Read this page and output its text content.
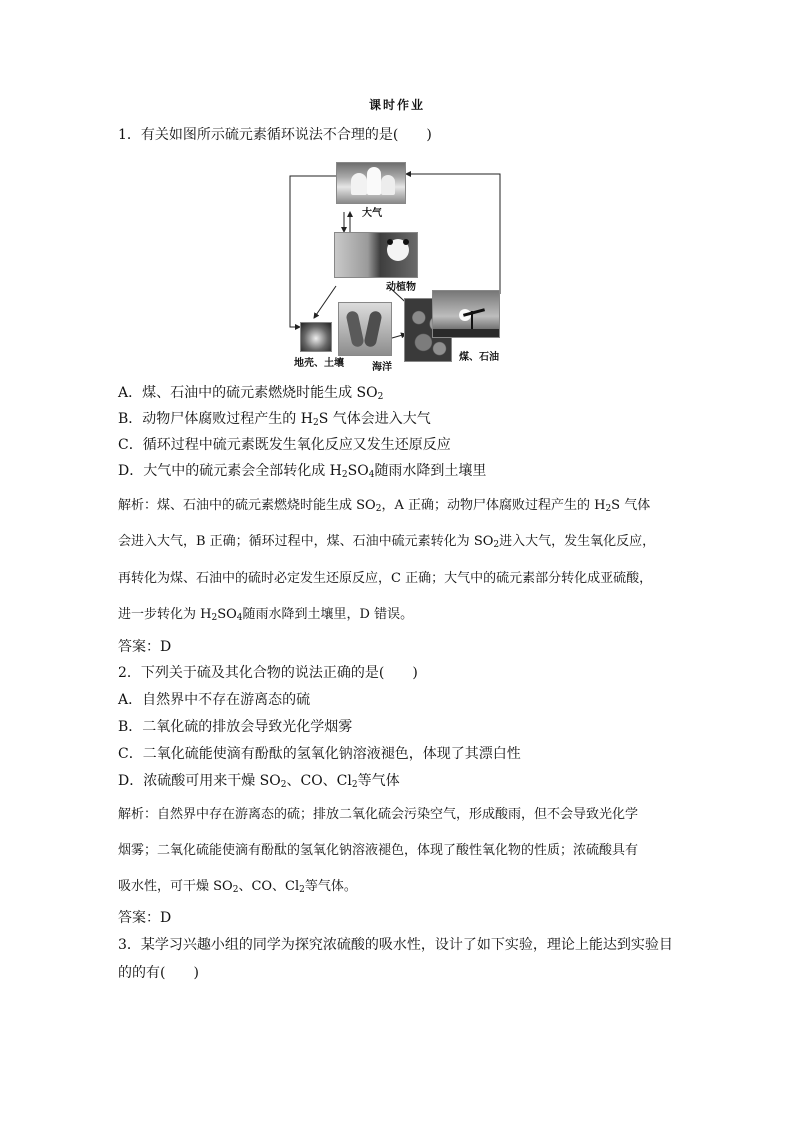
课时作业
1．有关如图所示硫元素循环说法不合理的是(　　)
大气
动植物
地壳、土壤	海洋
煤、石油
A．煤、石油中的硫元素燃烧时能生成 $SO_2$
B．动物尸体腐败过程产生的 $H_2S$ 气体会进入大气
C．循环过程中硫元素既发生氧化反应又发生还原反应
D．大气中的硫元素会全部转化成 $H_2SO_4$随雨水降到土壤里
解析：煤、石油中的硫元素燃烧时能生成 $SO_2$，A 正确；动物尸体腐败过程产生的 $H_2S$ 气体
会进入大气，B 正确；循环过程中，煤、石油中硫元素转化为 $SO_2$进入大气，发生氧化反应，
再转化为煤、石油中的硫时必定发生还原反应，C 正确；大气中的硫元素部分转化成亚硫酸，
进一步转化为 $H_2SO_4$随雨水降到土壤里，D 错误。
答案：D
2．下列关于硫及其化合物的说法正确的是(　　)
A．自然界中不存在游离态的硫
B．二氧化硫的排放会导致光化学烟雾
C．二氧化硫能使滴有酚酞的氢氧化钠溶液褪色，体现了其漂白性
D．浓硫酸可用来干燥 $SO_2$、CO、$Cl_2$等气体
解析：自然界中存在游离态的硫；排放二氧化硫会污染空气，形成酸雨，但不会导致光化学
烟雾；二氧化硫能使滴有酚酞的氢氧化钠溶液褪色，体现了酸性氧化物的性质；浓硫酸具有
吸水性，可干燥 $SO_2$、CO、$Cl_2$等气体。
答案：D
3．某学习兴趣小组的同学为探究浓硫酸的吸水性，设计了如下实验，理论上能达到实验目
的的有(　　)
